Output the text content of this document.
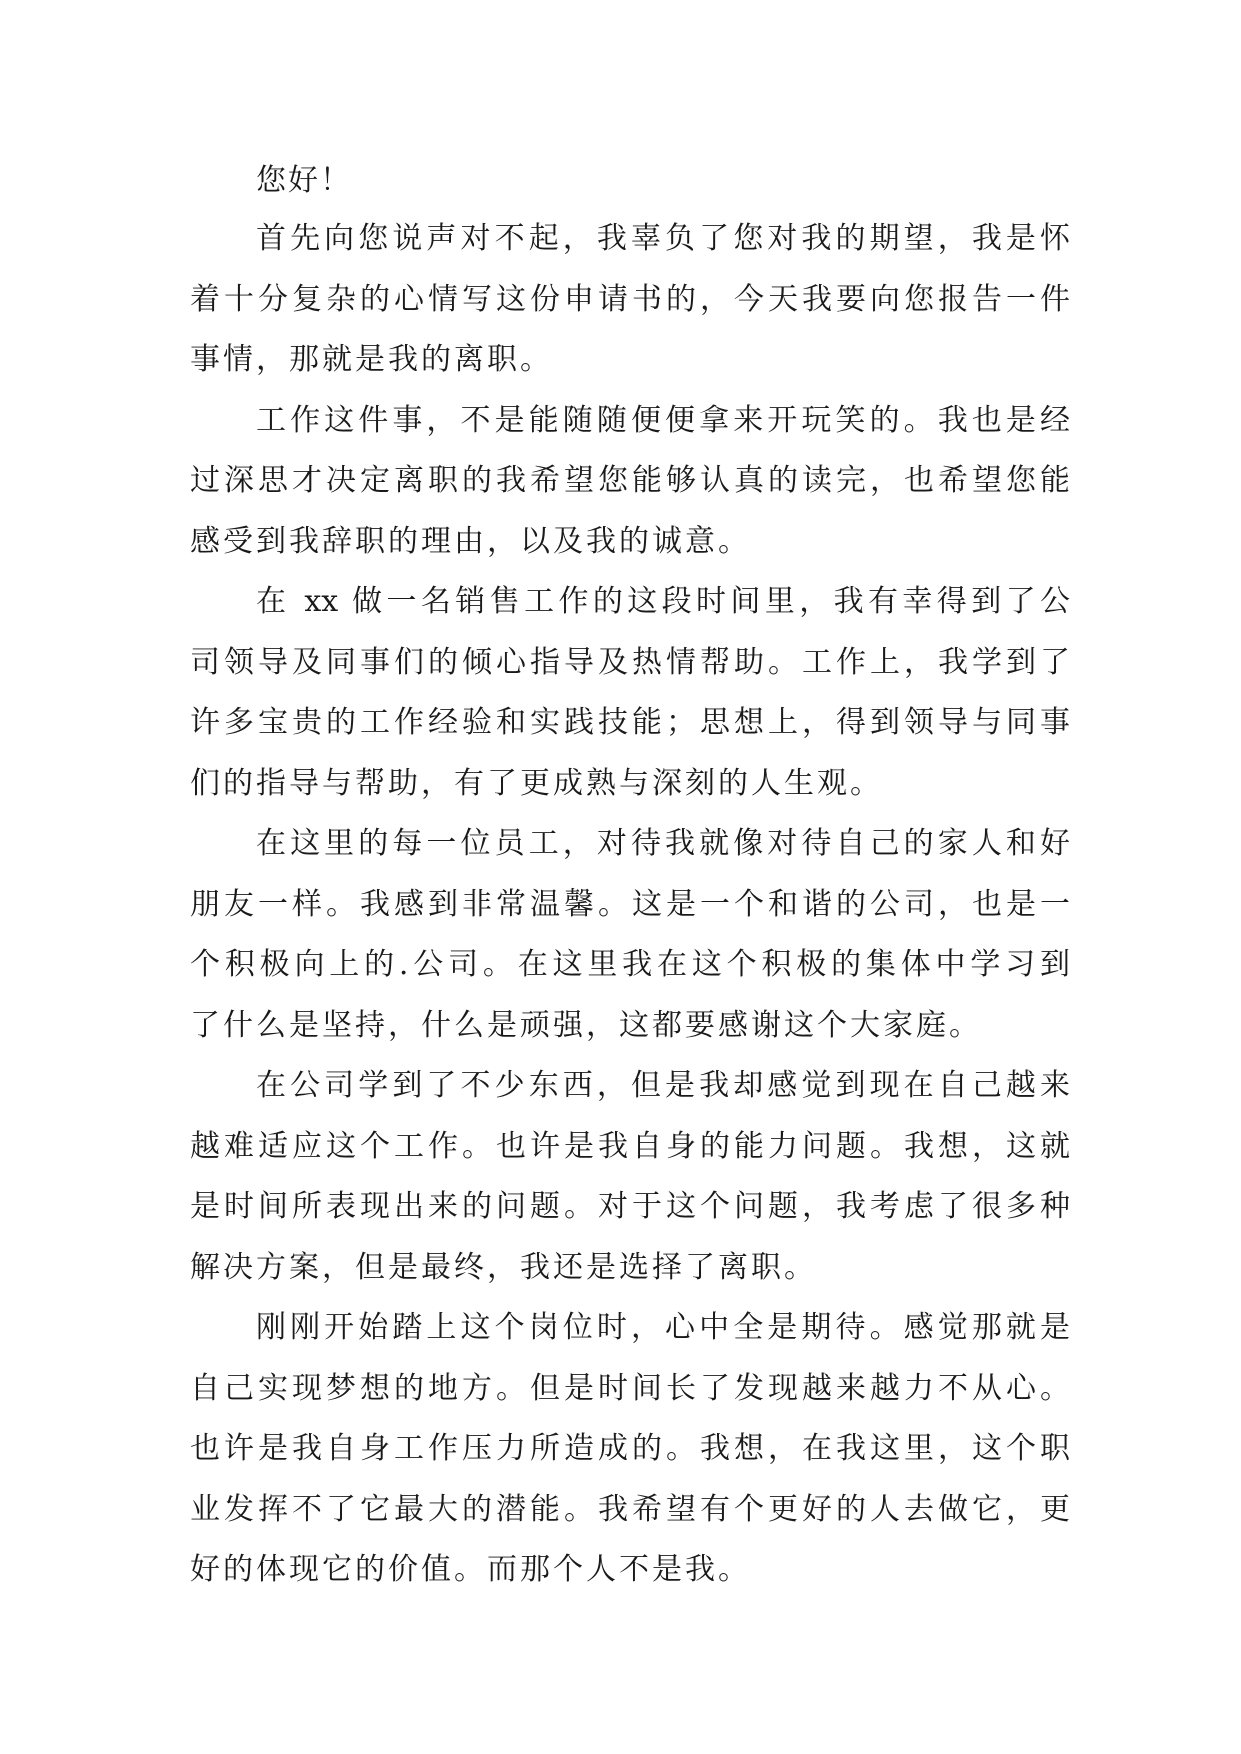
您好！

首先向您说声对不起，我辜负了您对我的期望，我是怀
着十分复杂的心情写这份申请书的，今天我要向您报告一件
事情，那就是我的离职。
工作这件事，不是能随随便便拿来开玩笑的。我也是经
过深思才决定离职的我希望您能够认真的读完，也希望您能
感受到我辞职的理由，以及我的诚意。
在 xx 做一名销售工作的这段时间里，我有幸得到了公
司领导及同事们的倾心指导及热情帮助。工作上，我学到了
许多宝贵的工作经验和实践技能；思想上，得到领导与同事
们的指导与帮助，有了更成熟与深刻的人生观。
在这里的每一位员工，对待我就像对待自己的家人和好
朋友一样。我感到非常温馨。这是一个和谐的公司，也是一
个积极向上的.公司。在这里我在这个积极的集体中学习到
了什么是坚持，什么是顽强，这都要感谢这个大家庭。
在公司学到了不少东西，但是我却感觉到现在自己越来
越难适应这个工作。也许是我自身的能力问题。我想，这就
是时间所表现出来的问题。对于这个问题，我考虑了很多种
解决方案，但是最终，我还是选择了离职。
刚刚开始踏上这个岗位时，心中全是期待。感觉那就是
自己实现梦想的地方。但是时间长了发现越来越力不从心。
也许是我自身工作压力所造成的。我想，在我这里，这个职
业发挥不了它最大的潜能。我希望有个更好的人去做它，更
好的体现它的价值。而那个人不是我。
